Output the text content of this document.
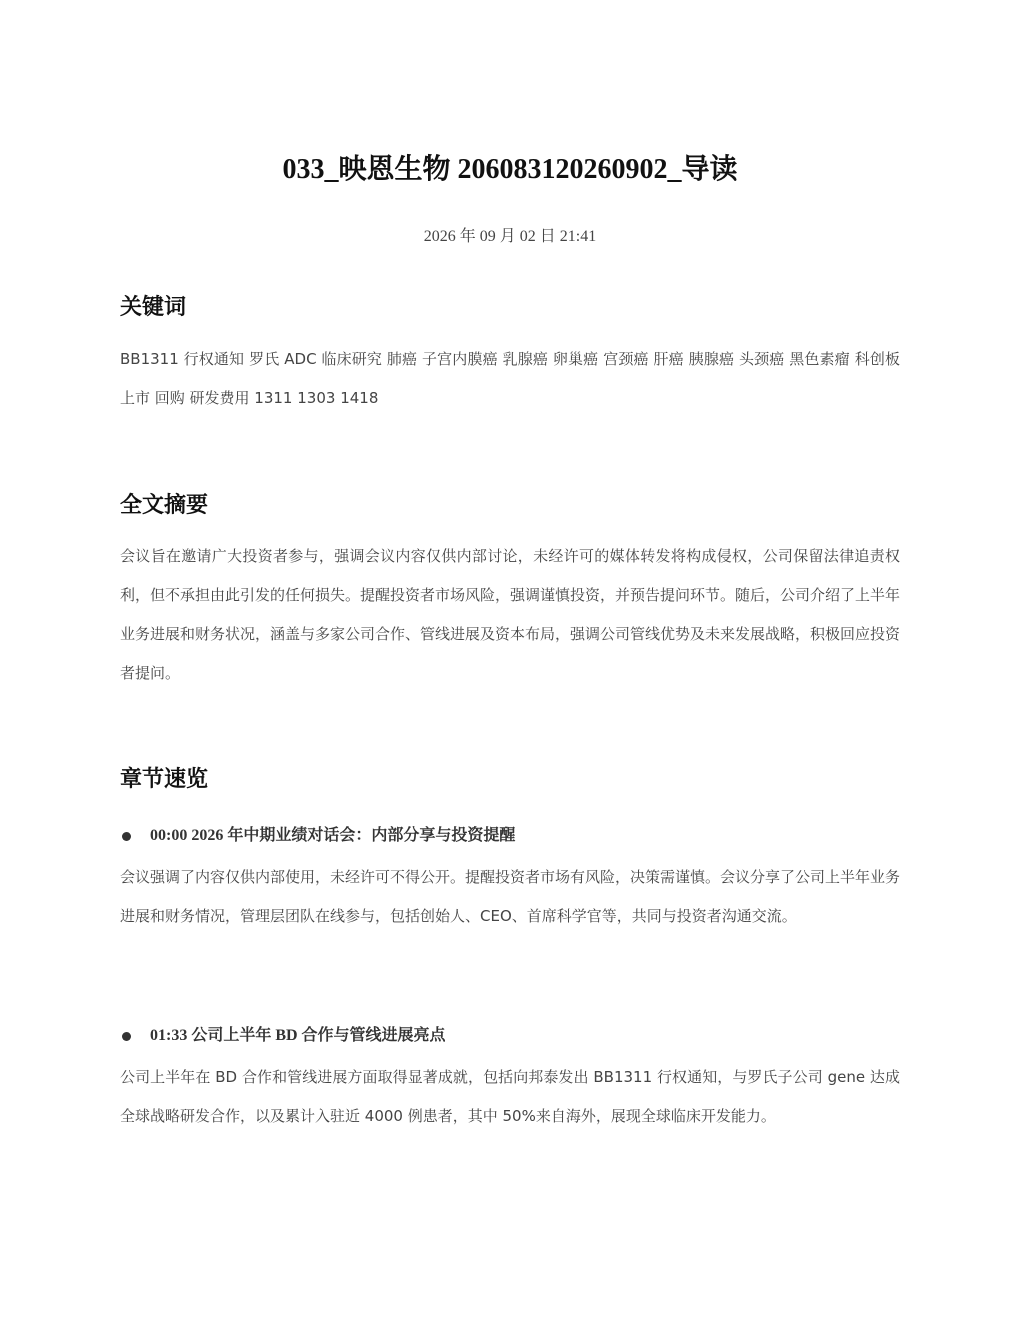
033_映恩生物 206083120260902_导读
2026 年 09 月 02 日 21:41
关键词

BB1311 行权通知 罗氏 ADC 临床研究 肺癌 子宫内膜癌 乳腺癌 卵巢癌 宫颈癌 肝癌 胰腺癌 头颈癌 黑色素瘤 科创板上市 回购 研发费用 1311 1303 1418

全文摘要

会议旨在邀请广大投资者参与，强调会议内容仅供内部讨论，未经许可的媒体转发将构成侵权，公司保留法律追责权利，但不承担由此引发的任何损失。提醒投资者市场风险，强调谨慎投资，并预告提问环节。随后，公司介绍了上半年业务进展和财务状况，涵盖与多家公司合作、管线进展及资本布局，强调公司管线优势及未来发展战略，积极回应投资者提问。

章节速览
00:00 2026 年中期业绩对话会：内部分享与投资提醒

会议强调了内容仅供内部使用，未经许可不得公开。提醒投资者市场有风险，决策需谨慎。会议分享了公司上半年业务进展和财务情况，管理层团队在线参与，包括创始人、CEO、首席科学官等，共同与投资者沟通交流。

01:33 公司上半年 BD 合作与管线进展亮点

公司上半年在 BD 合作和管线进展方面取得显著成就，包括向邦泰发出 BB1311 行权通知，与罗氏子公司 gene 达成全球战略研发合作，以及累计入驻近 4000 例患者，其中 50%来自海外，展现全球临床开发能力。
